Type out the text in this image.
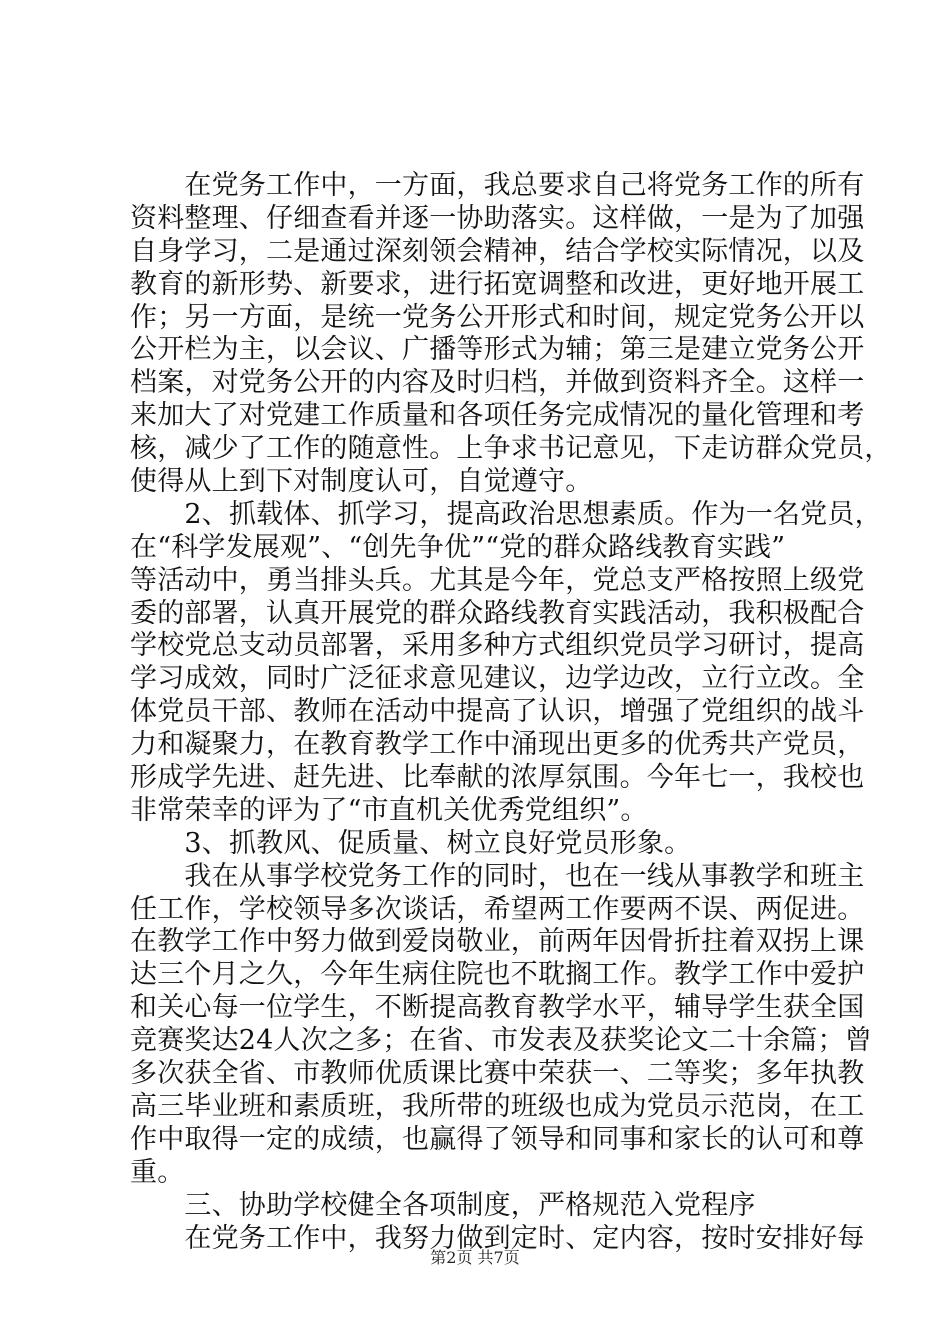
　　在党务工作中，一方面，我总要求自己将党务工作的所有
资料整理、仔细查看并逐一协助落实。这样做，一是为了加强
自身学习，二是通过深刻领会精神，结合学校实际情况，以及
教育的新形势、新要求，进行拓宽调整和改进，更好地开展工
作；另一方面，是统一党务公开形式和时间，规定党务公开以
公开栏为主，以会议、广播等形式为辅；第三是建立党务公开
档案，对党务公开的内容及时归档，并做到资料齐全。这样一
来加大了对党建工作质量和各项任务完成情况的量化管理和考
核，减少了工作的随意性。上争求书记意见，下走访群众党员，
使得从上到下对制度认可，自觉遵守。
　　2、抓载体、抓学习，提高政治思想素质。作为一名党员，
在“科学发展观”、“创先争优”“党的群众路线教育实践”
等活动中，勇当排头兵。尤其是今年，党总支严格按照上级党
委的部署，认真开展党的群众路线教育实践活动，我积极配合
学校党总支动员部署，采用多种方式组织党员学习研讨，提高
学习成效，同时广泛征求意见建议，边学边改，立行立改。全
体党员干部、教师在活动中提高了认识，增强了党组织的战斗
力和凝聚力，在教育教学工作中涌现出更多的优秀共产党员，
形成学先进、赶先进、比奉献的浓厚氛围。今年七一，我校也
非常荣幸的评为了“市直机关优秀党组织”。
　　3、抓教风、促质量、树立良好党员形象。
　　我在从事学校党务工作的同时，也在一线从事教学和班主
任工作，学校领导多次谈话，希望两工作要两不误、两促进。
在教学工作中努力做到爱岗敬业，前两年因骨折拄着双拐上课
达三个月之久，今年生病住院也不耽搁工作。教学工作中爱护
和关心每一位学生，不断提高教育教学水平，辅导学生获全国
竞赛奖达24人次之多；在省、市发表及获奖论文二十余篇；曾
多次获全省、市教师优质课比赛中荣获一、二等奖；多年执教
高三毕业班和素质班，我所带的班级也成为党员示范岗，在工
作中取得一定的成绩，也赢得了领导和同事和家长的认可和尊
重。
　　三、协助学校健全各项制度，严格规范入党程序
　　在党务工作中，我努力做到定时、定内容，按时安排好每
第2页 共7页
